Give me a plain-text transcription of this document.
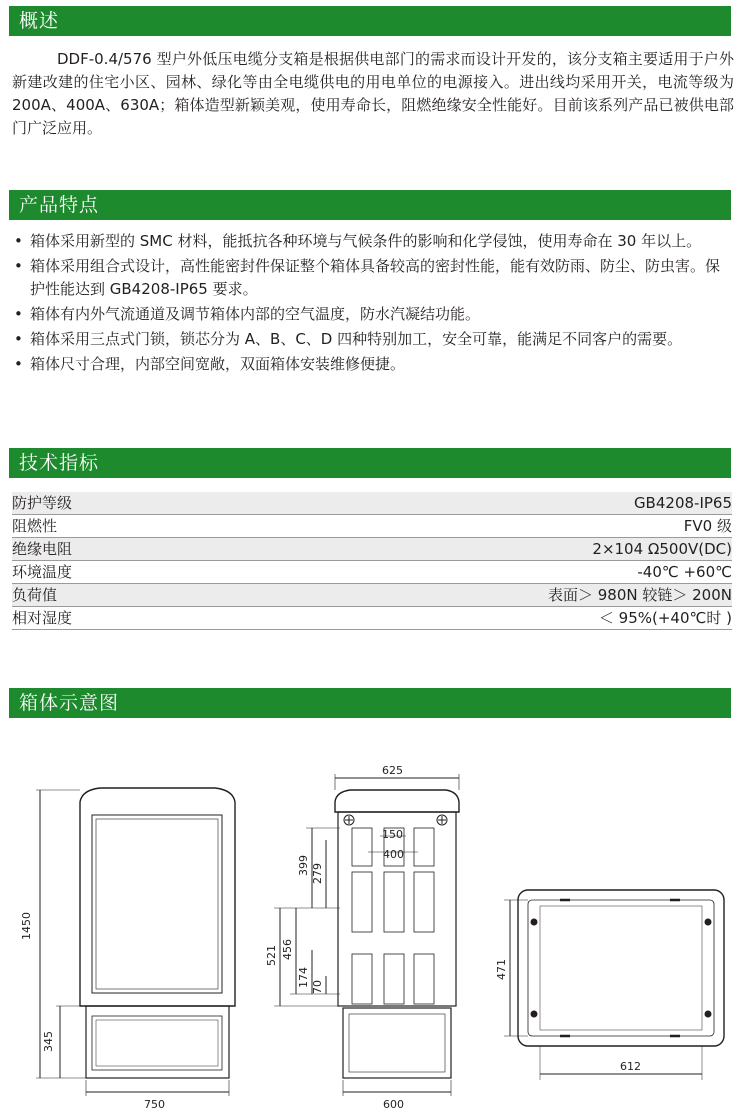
概述

DDF-0.4/576 型户外低压电缆分支箱是根据供电部门的需求而设计开发的，该分支箱主要适用于户外新建改建的住宅小区、园林、绿化等由全电缆供电的用电单位的电源接入。进出线均采用开关，电流等级为 200A、400A、630A；箱体造型新颖美观，使用寿命长，阻燃绝缘安全性能好。目前该系列产品已被供电部门广泛应用。

产品特点
• 箱体采用新型的 SMC 材料，能抵抗各种环境与气候条件的影响和化学侵蚀，使用寿命在 30 年以上。
• 箱体采用组合式设计，高性能密封件保证整个箱体具备较高的密封性能，能有效防雨、防尘、防虫害。保护性能达到 GB4208-IP65 要求。
• 箱体有内外气流通道及调节箱体内部的空气温度，防水汽凝结功能。
• 箱体采用三点式门锁，锁芯分为 A、B、C、D 四种特别加工，安全可靠，能满足不同客户的需要。
• 箱体尺寸合理，内部空间宽敞，双面箱体安装维修便捷。
技术指标
防护等级	GB4208-IP65
阻燃性	FV0 级
绝缘电阻	2×104 Ω500V(DC)
环境温度	-40℃ +60℃
负荷值	表面＞ 980N 较链＞ 200N
相对湿度	＜ 95%(+40℃时 )
箱体示意图
1450
345
750
150
400
625
399 279
521 456
174 70
600
471
612
